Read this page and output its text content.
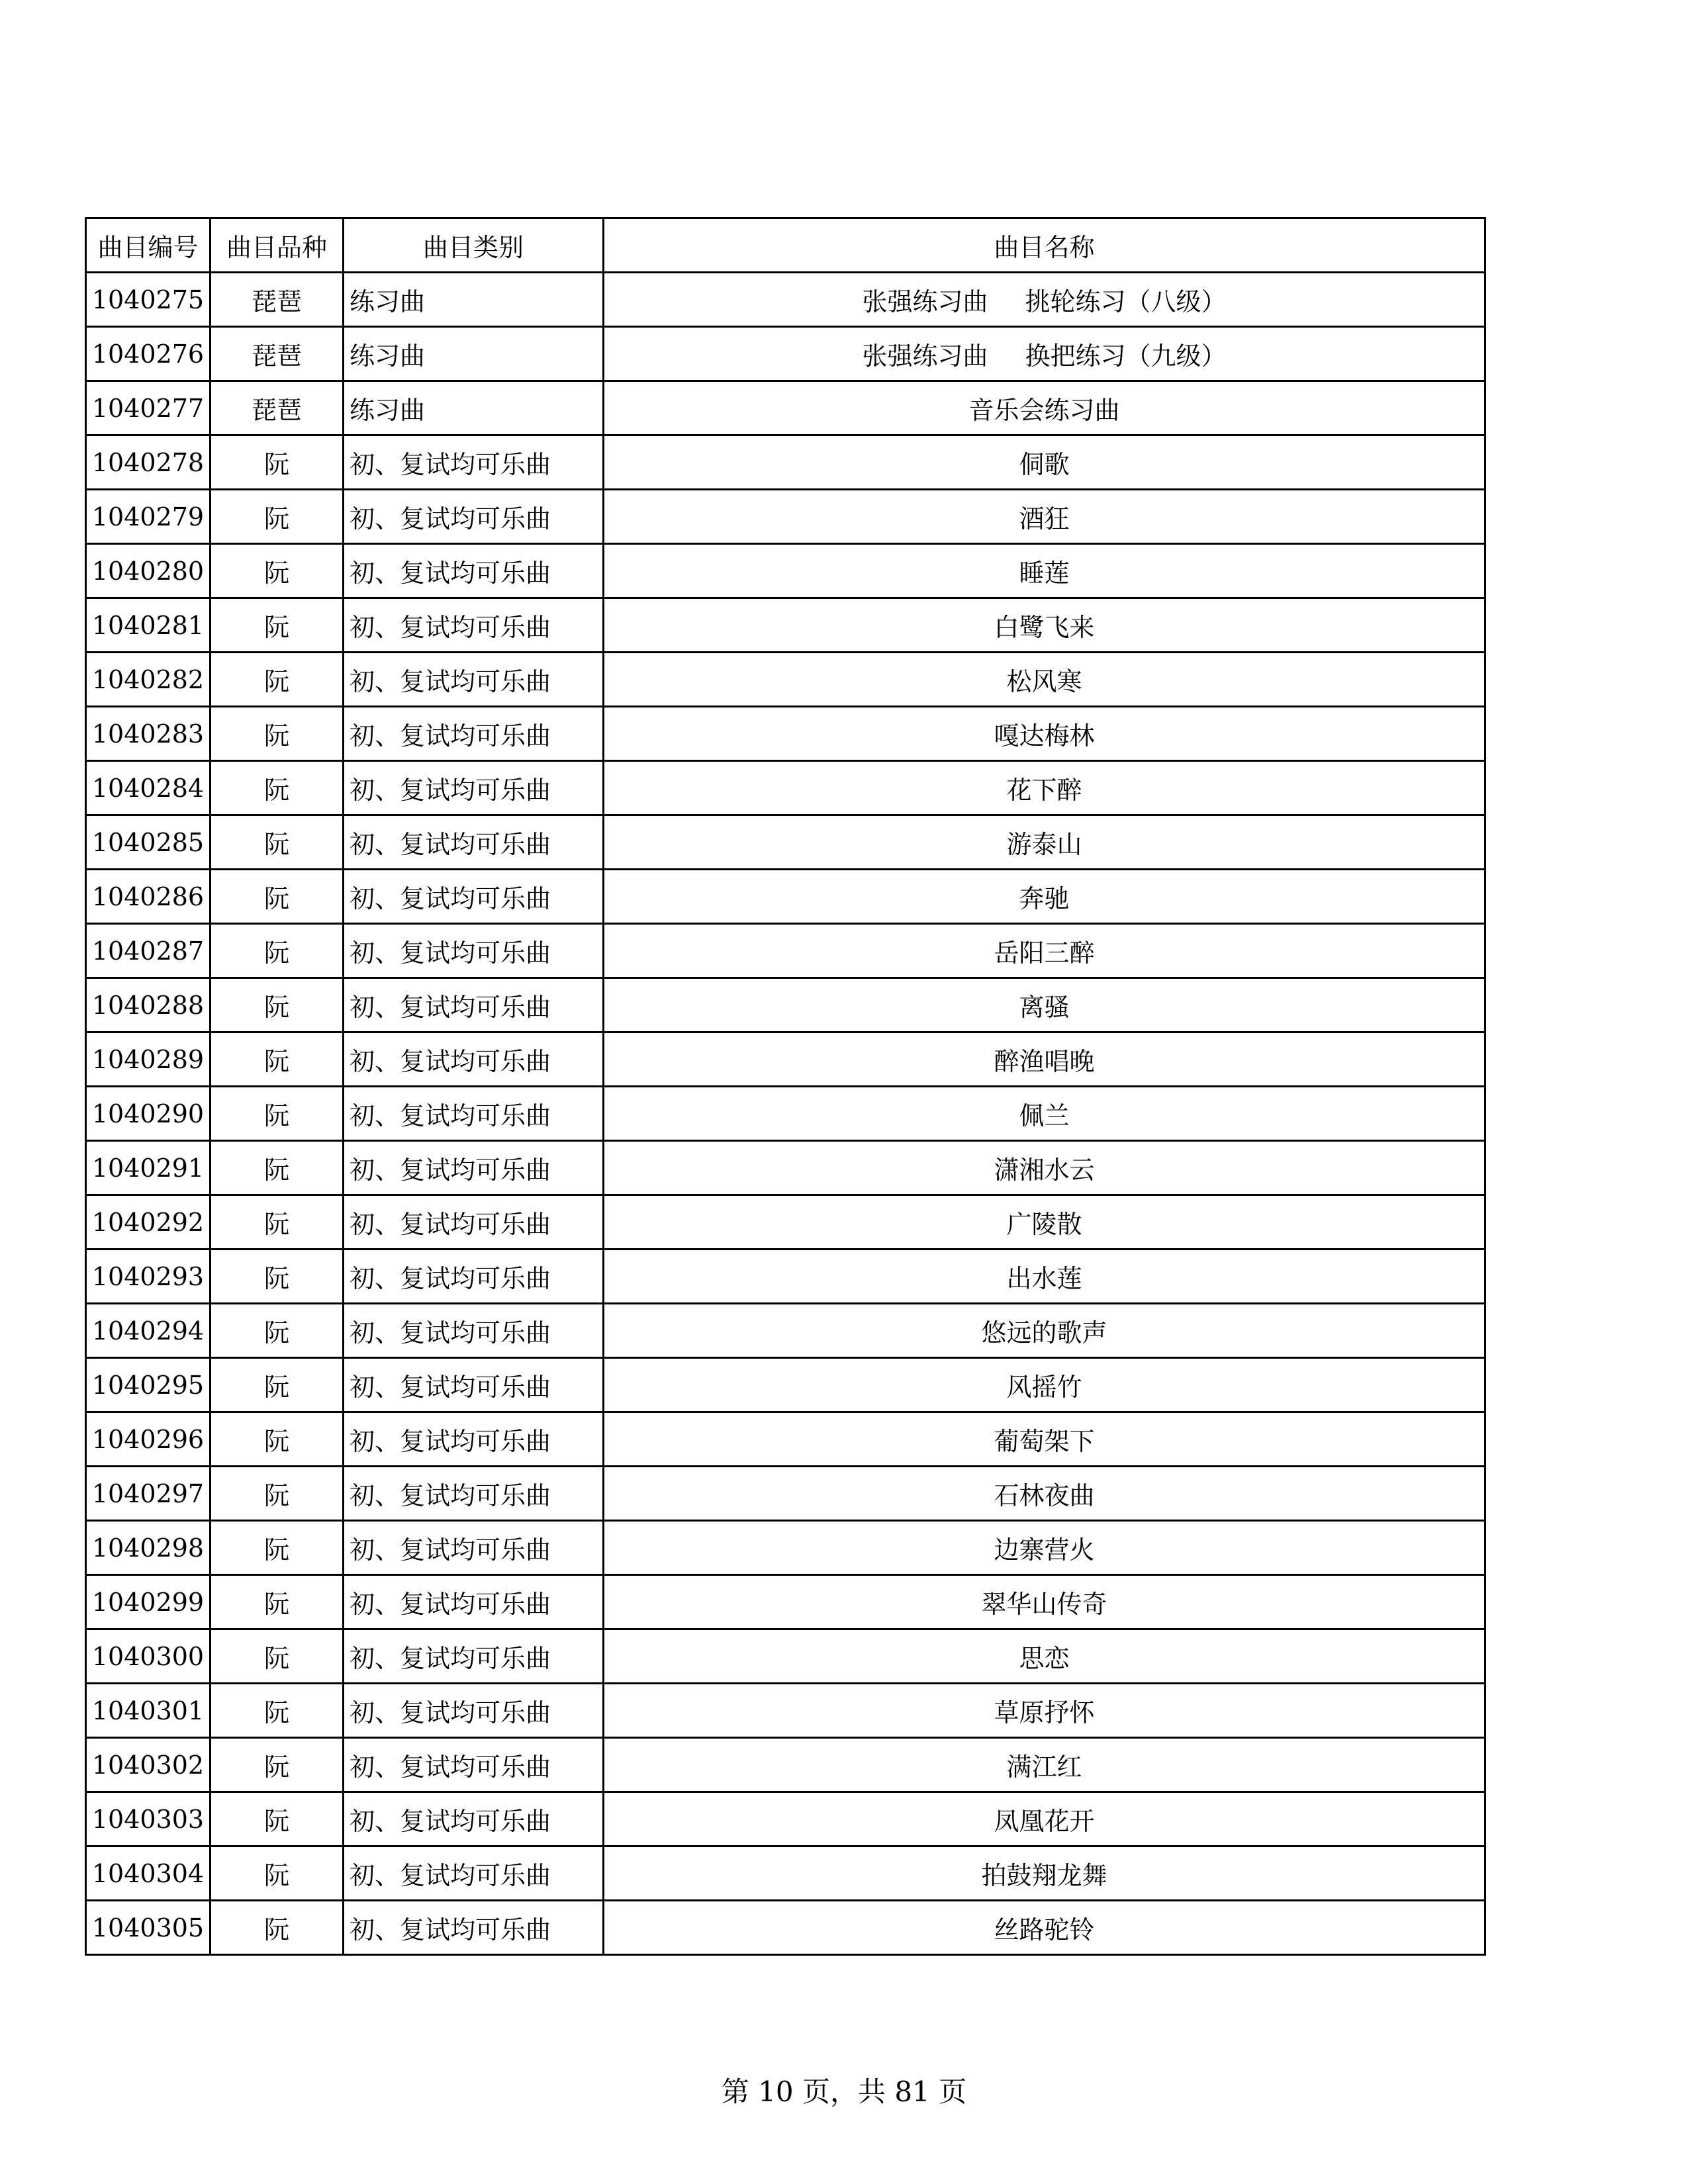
曲目编号	曲目品种	曲目类别	曲目名称
1040275	琵琶	练习曲	张强练习曲 挑轮练习（八级）
1040276	琵琶	练习曲	张强练习曲 换把练习（九级）
1040277	琵琶	练习曲	音乐会练习曲
1040278	阮	初、复试均可乐曲	侗歌
1040279	阮	初、复试均可乐曲	酒狂
1040280	阮	初、复试均可乐曲	睡莲
1040281	阮	初、复试均可乐曲	白鹭飞来
1040282	阮	初、复试均可乐曲	松风寒
1040283	阮	初、复试均可乐曲	嘎达梅林
1040284	阮	初、复试均可乐曲	花下醉
1040285	阮	初、复试均可乐曲	游泰山
1040286	阮	初、复试均可乐曲	奔驰
1040287	阮	初、复试均可乐曲	岳阳三醉
1040288	阮	初、复试均可乐曲	离骚
1040289	阮	初、复试均可乐曲	醉渔唱晚
1040290	阮	初、复试均可乐曲	佩兰
1040291	阮	初、复试均可乐曲	潇湘水云
1040292	阮	初、复试均可乐曲	广陵散
1040293	阮	初、复试均可乐曲	出水莲
1040294	阮	初、复试均可乐曲	悠远的歌声
1040295	阮	初、复试均可乐曲	风摇竹
1040296	阮	初、复试均可乐曲	葡萄架下
1040297	阮	初、复试均可乐曲	石林夜曲
1040298	阮	初、复试均可乐曲	边寨营火
1040299	阮	初、复试均可乐曲	翠华山传奇
1040300	阮	初、复试均可乐曲	思恋
1040301	阮	初、复试均可乐曲	草原抒怀
1040302	阮	初、复试均可乐曲	满江红
1040303	阮	初、复试均可乐曲	凤凰花开
1040304	阮	初、复试均可乐曲	拍鼓翔龙舞
1040305	阮	初、复试均可乐曲	丝路驼铃
第 10 页，共 81 页
